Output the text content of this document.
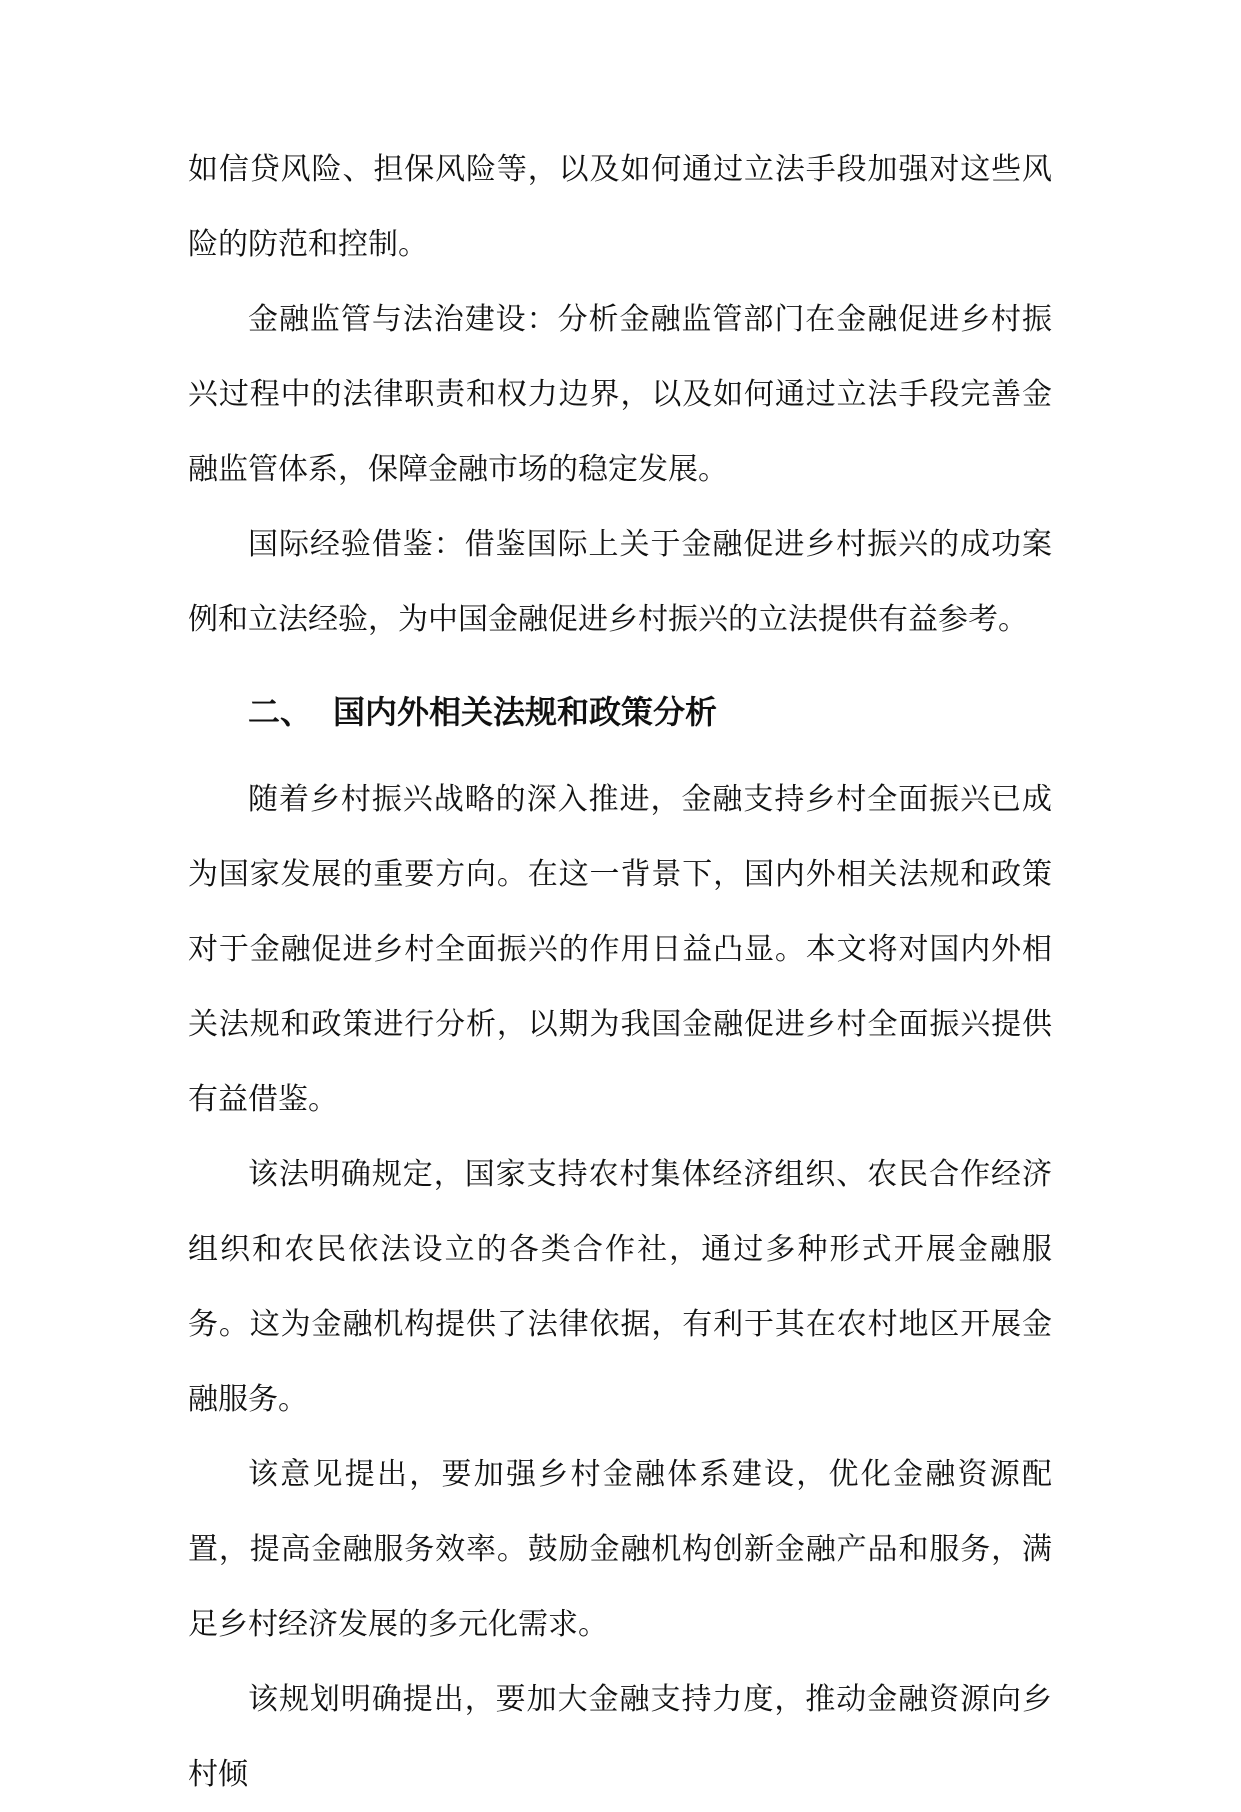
如信贷风险、担保风险等，以及如何通过立法手段加强对这些风险的防范和控制。

金融监管与法治建设：分析金融监管部门在金融促进乡村振兴过程中的法律职责和权力边界，以及如何通过立法手段完善金融监管体系，保障金融市场的稳定发展。

国际经验借鉴：借鉴国际上关于金融促进乡村振兴的成功案例和立法经验，为中国金融促进乡村振兴的立法提供有益参考。

二、 国内外相关法规和政策分析

随着乡村振兴战略的深入推进，金融支持乡村全面振兴已成为国家发展的重要方向。在这一背景下，国内外相关法规和政策对于金融促进乡村全面振兴的作用日益凸显。本文将对国内外相关法规和政策进行分析，以期为我国金融促进乡村全面振兴提供有益借鉴。

该法明确规定，国家支持农村集体经济组织、农民合作经济组织和农民依法设立的各类合作社，通过多种形式开展金融服务。这为金融机构提供了法律依据，有利于其在农村地区开展金融服务。

该意见提出，要加强乡村金融体系建设，优化金融资源配置，提高金融服务效率。鼓励金融机构创新金融产品和服务，满足乡村经济发展的多元化需求。

该规划明确提出，要加大金融支持力度，推动金融资源向乡村倾
